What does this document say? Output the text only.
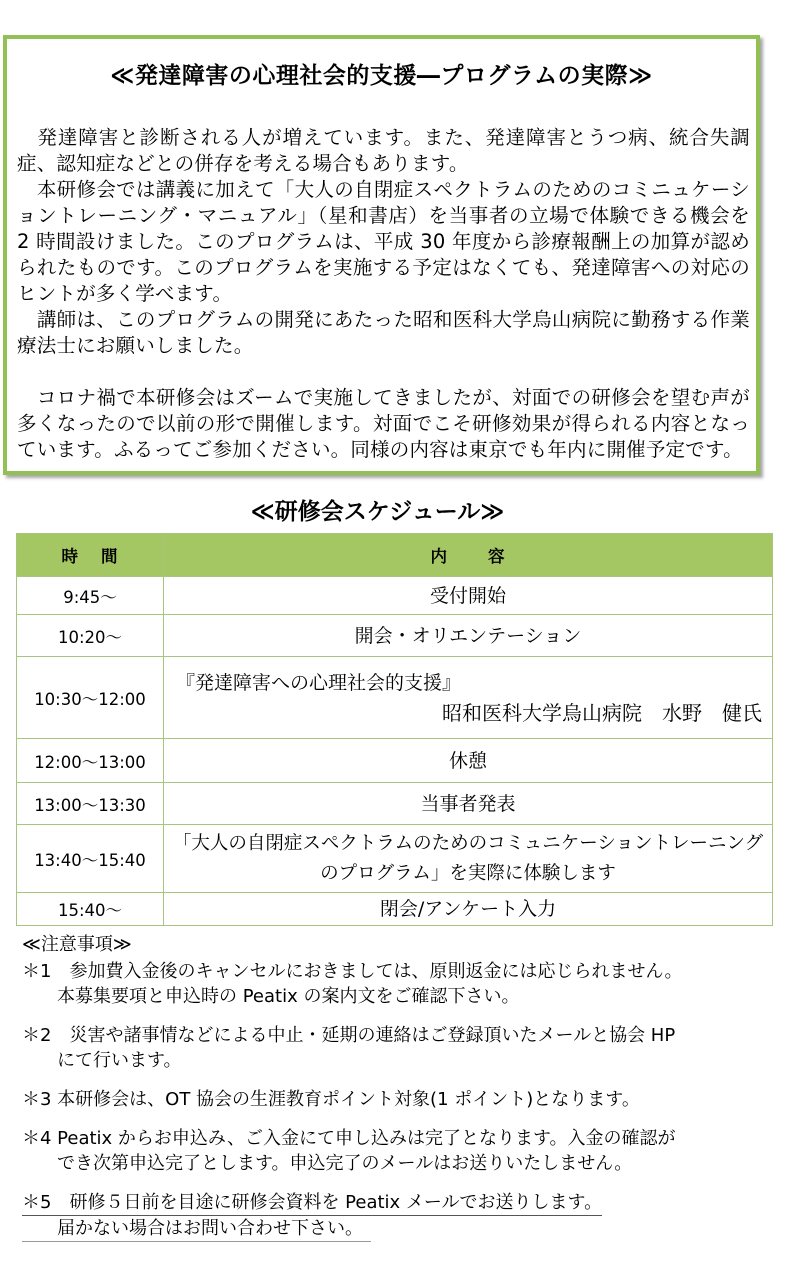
≪発達障害の心理社会的支援―プログラムの実際≫

　発達障害と診断される人が増えています。また、発達障害とうつ病、統合失調症、認知症などとの併存を考える場合もあります。

　本研修会では講義に加えて「大人の自閉症スペクトラムのためのコミニュケーショントレーニング・マニュアル」（星和書店）を当事者の立場で体験できる機会を 2 時間設けました。このプログラムは、平成 30 年度から診療報酬上の加算が認められたものです。このプログラムを実施する予定はなくても、発達障害への対応のヒントが多く学べます。

　講師は、このプログラムの開発にあたった昭和医科大学烏山病院に勤務する作業療法士にお願いしました。

　コロナ禍で本研修会はズームで実施してきましたが、対面での研修会を望む声が多くなったので以前の形で開催します。対面でこそ研修効果が得られる内容となっています。ふるってご参加ください。同様の内容は東京でも年内に開催予定です。

≪研修会スケジュール≫
時 間	内 容
9:45～	受付開始
10:20～	開会・オリエンテーション
10:30～12:00	『発達障害への心理社会的支援』
昭和医科大学烏山病院　水野　健氏

12:00～13:00	休憩
13:00～13:30	当事者発表
13:40～15:40	「大人の自閉症スペクトラムのためのコミュニケーショントレーニング
のプログラム」を実際に体験します

15:40～	閉会/アンケート入力
≪注意事項≫
＊1　参加費入金後のキャンセルにおきましては、原則返金には応じられません。
本募集要項と申込時の Peatix の案内文をご確認下さい。
＊2　災害や諸事情などによる中止・延期の連絡はご登録頂いたメールと協会 HP
にて行います。
＊3 本研修会は、OT 協会の生涯教育ポイント対象(1 ポイント)となります。
＊4 Peatix からお申込み、ご入金にて申し込みは完了となります。入金の確認が
でき次第申込完了とします。申込完了のメールはお送りいたしません。
＊5　研修５日前を目途に研修会資料を Peatix メールでお送りします。 届かない場合はお問い合わせ下さい。
